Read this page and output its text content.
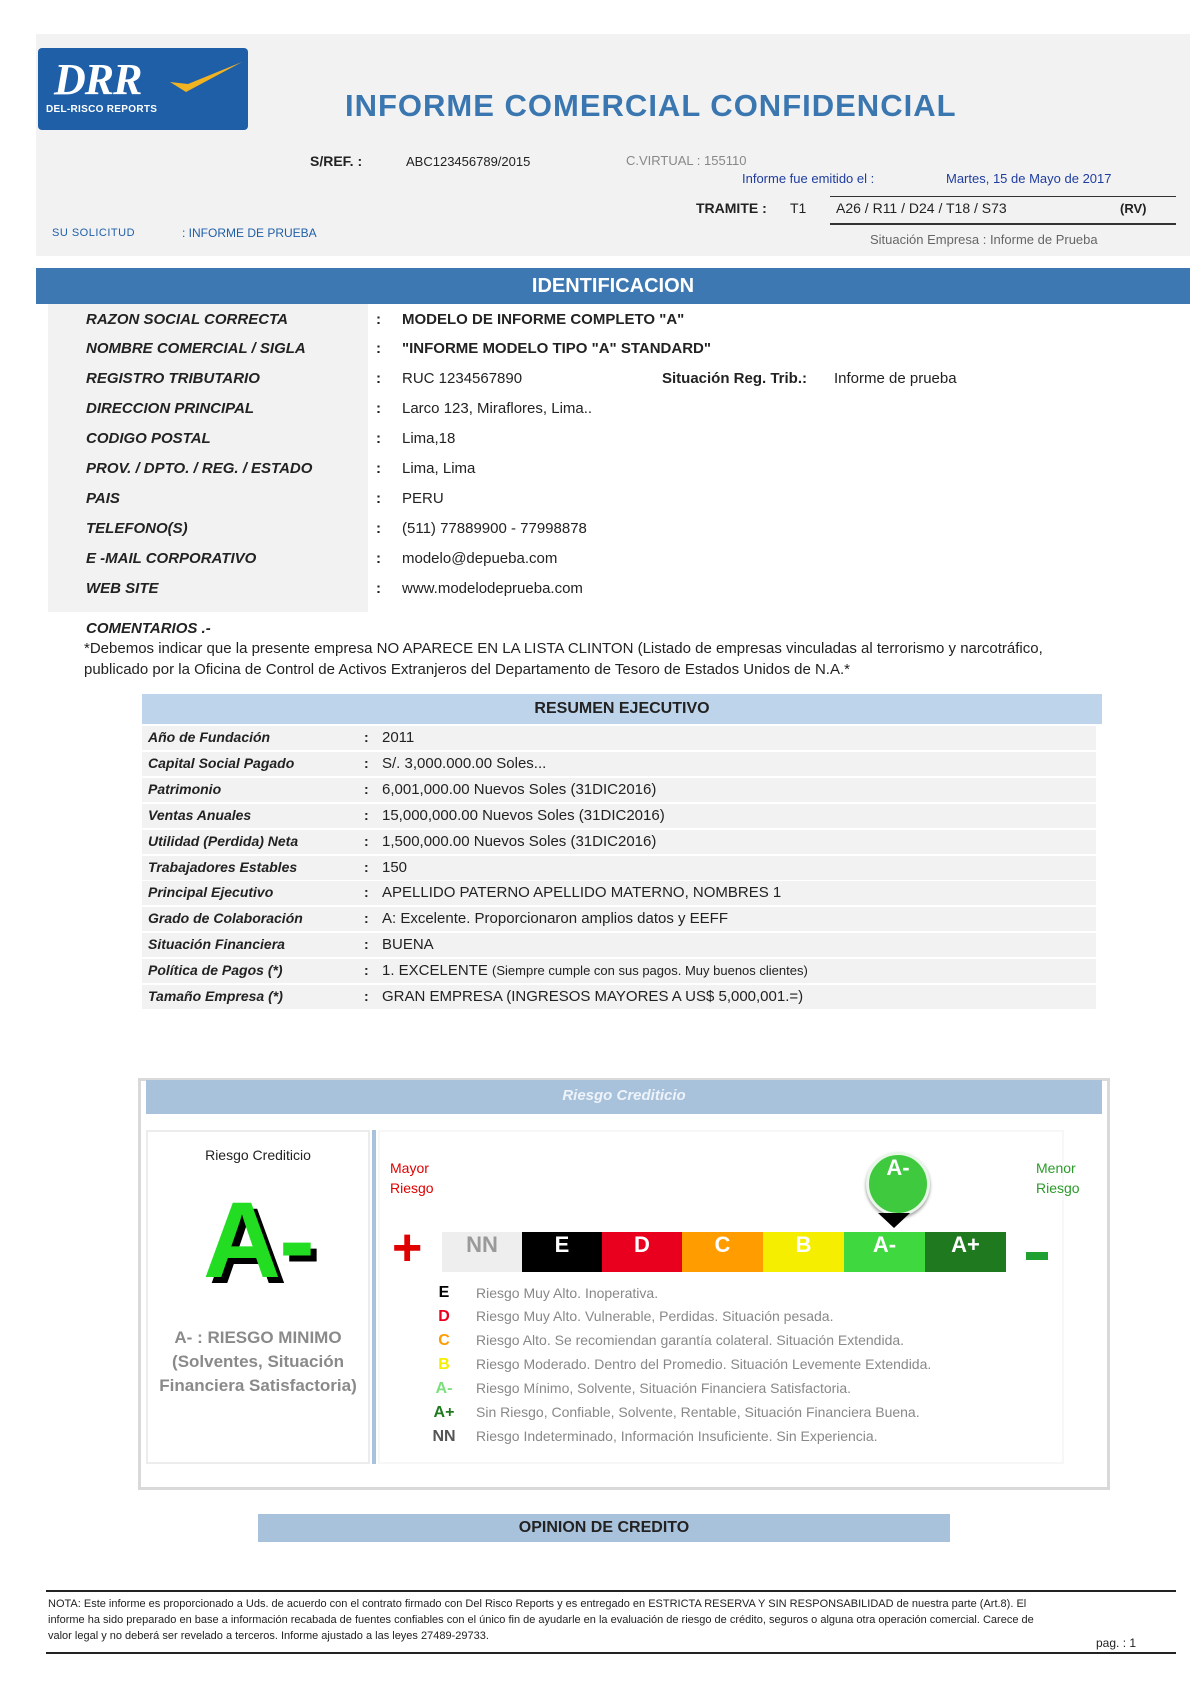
DRR
DEL-RISCO REPORTS	INFORME COMERCIAL CONFIDENCIAL
S/REF. :	ABC123456789/2015	C.VIRTUAL : 155110
Informe fue emitido el :	Martes, 15 de Mayo de 2017
TRAMITE : T1 A26 / R11 / D24 / T18 / S73	(RV)
SU SOLICITUD	: INFORME DE PRUEBA	Situación Empresa : Informe de Prueba
IDENTIFICACION
RAZON SOCIAL CORRECTA	: MODELO DE INFORME COMPLETO "A"
NOMBRE COMERCIAL / SIGLA	: "INFORME MODELO TIPO "A" STANDARD"
REGISTRO TRIBUTARIO	: RUC 1234567890	Situación Reg. Trib.: Informe de prueba
DIRECCION PRINCIPAL	: Larco 123, Miraflores, Lima..
CODIGO POSTAL	: Lima,18
PROV. / DPTO. / REG. / ESTADO	: Lima, Lima
PAIS	: PERU
TELEFONO(S)	: (511) 77889900 - 77998878
E -MAIL CORPORATIVO	: modelo@depueba.com
WEB SITE	: www.modelodeprueba.com
COMENTARIOS .-
*Debemos indicar que la presente empresa NO APARECE EN LA LISTA CLINTON (Listado de empresas vinculadas al terrorismo y narcotráfico, publicado por la Oficina de Control de Activos Extranjeros del Departamento de Tesoro de Estados Unidos de N.A.*
RESUMEN EJECUTIVO
Año de Fundación	: 2011
Capital Social Pagado	: S/. 3,000.000.00 Soles...
Patrimonio	: 6,001,000.00 Nuevos Soles (31DIC2016)
Ventas Anuales	: 15,000,000.00 Nuevos Soles (31DIC2016)
Utilidad (Perdida) Neta	: 1,500,000.00 Nuevos Soles (31DIC2016)
Trabajadores Estables	: 150
Principal Ejecutivo	: APELLIDO PATERNO APELLIDO MATERNO, NOMBRES 1
Grado de Colaboración	: A: Excelente. Proporcionaron amplios datos y EEFF
Situación Financiera	: BUENA
Política de Pagos (*)	: 1. EXCELENTE (Siempre cumple con sus pagos. Muy buenos clientes)
Tamaño Empresa (*)	: GRAN EMPRESA (INGRESOS MAYORES A US$ 5,000,001.=)
Riesgo Crediticio
Riesgo Crediticio
A-
A- : RIESGO MINIMO (Solventes, Situación Financiera Satisfactoria)
Mayor
Riesgo
Menor
Riesgo
+	NN	E	D	C	B	A-	A+
A-
E	Riesgo Muy Alto. Inoperativa.
D	Riesgo Muy Alto. Vulnerable, Perdidas. Situación pesada.
C	Riesgo Alto. Se recomiendan garantía colateral. Situación Extendida.
B	Riesgo Moderado. Dentro del Promedio. Situación Levemente Extendida.
A-	Riesgo Mínimo, Solvente, Situación Financiera Satisfactoria.
A+	Sin Riesgo, Confiable, Solvente, Rentable, Situación Financiera Buena.
NN	Riesgo Indeterminado, Información Insuficiente. Sin Experiencia.
OPINION DE CREDITO
NOTA: Este informe es proporcionado a Uds. de acuerdo con el contrato firmado con Del Risco Reports y es entregado en ESTRICTA RESERVA Y SIN RESPONSABILIDAD de nuestra parte (Art.8). El informe ha sido preparado en base a información recabada de fuentes confiables con el único fin de ayudarle en la evaluación de riesgo de crédito, seguros o alguna otra operación comercial. Carece de valor legal y no deberá ser revelado a terceros. Informe ajustado a las leyes 27489-29733.	pag. : 1
